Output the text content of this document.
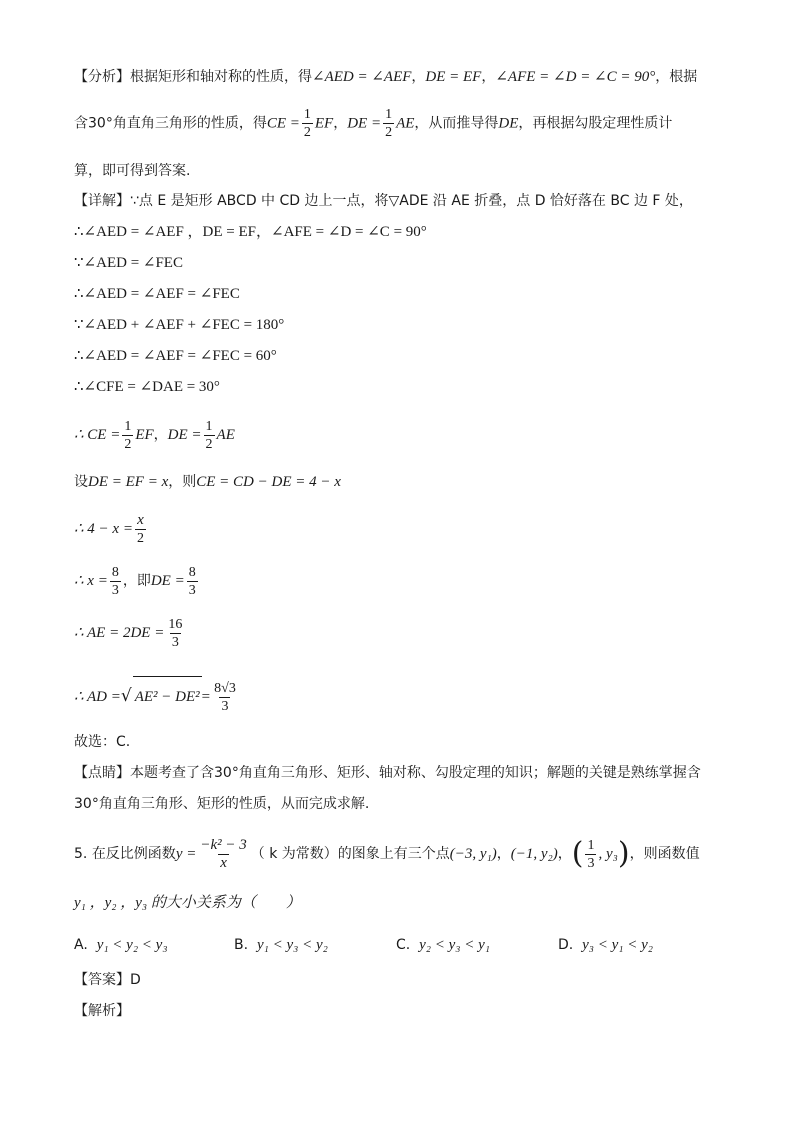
【分析】根据矩形和轴对称的性质，得∠AED = ∠AEF，DE = EF，∠AFE = ∠D = ∠C = 90°，根据
含30°角直角三角形的性质，得CE = $\frac{1}{2}$ EF，DE = $\frac{1}{2}$ AE，从而推导得DE，再根据勾股定理性质计
算，即可得到答案.
【详解】∵点 E 是矩形 ABCD 中 CD 边上一点，将▽ADE 沿 AE 折叠，点 D 恰好落在 BC 边 F 处，
∴∠AED = ∠AEF ，DE = EF，∠AFE = ∠D = ∠C = 90°
∵∠AED = ∠FEC
∴∠AED = ∠AEF = ∠FEC
∵∠AED + ∠AEF + ∠FEC = 180°
∴∠AED = ∠AEF = ∠FEC = 60°
∴∠CFE = ∠DAE = 30°
∴ CE = $\frac{1}{2}$ EF，DE = $\frac{1}{2}$ AE
设DE = EF = x，则CE = CD − DE = 4 − x
∴ $4 - x = \frac{x}{2}$
∴ $x = \frac{8}{3}$ ，即DE = $\frac{8}{3}$
∴ AE = $2DE = \frac{16}{3}$
∴ AD =√ $AE^2 - DE^2 = \frac{8√3}{3}$
故选：C.
【点睛】本题考查了含30°角直角三角形、矩形、轴对称、勾股定理的知识；解题的关键是熟练掌握含
30°角直角三角形、矩形的性质，从而完成求解.
5. 在反比例函数$y = \frac{\text{−k² − 3}}{x}$ （ k 为常数）的图象上有三个点(−3, y₁)，(−1, y₂)，( $\frac{1}{3}$ , y₃)，则函数值
y₁ ，y₂ ，y₃ 的大小关系为（　　）
A. y₁ < y₂ < y₃	B. y₁ < y₃ < y₂	C. y₂ < y₃ < y₁	D. y₃ < y₁ < y₂
【答案】D
【解析】
